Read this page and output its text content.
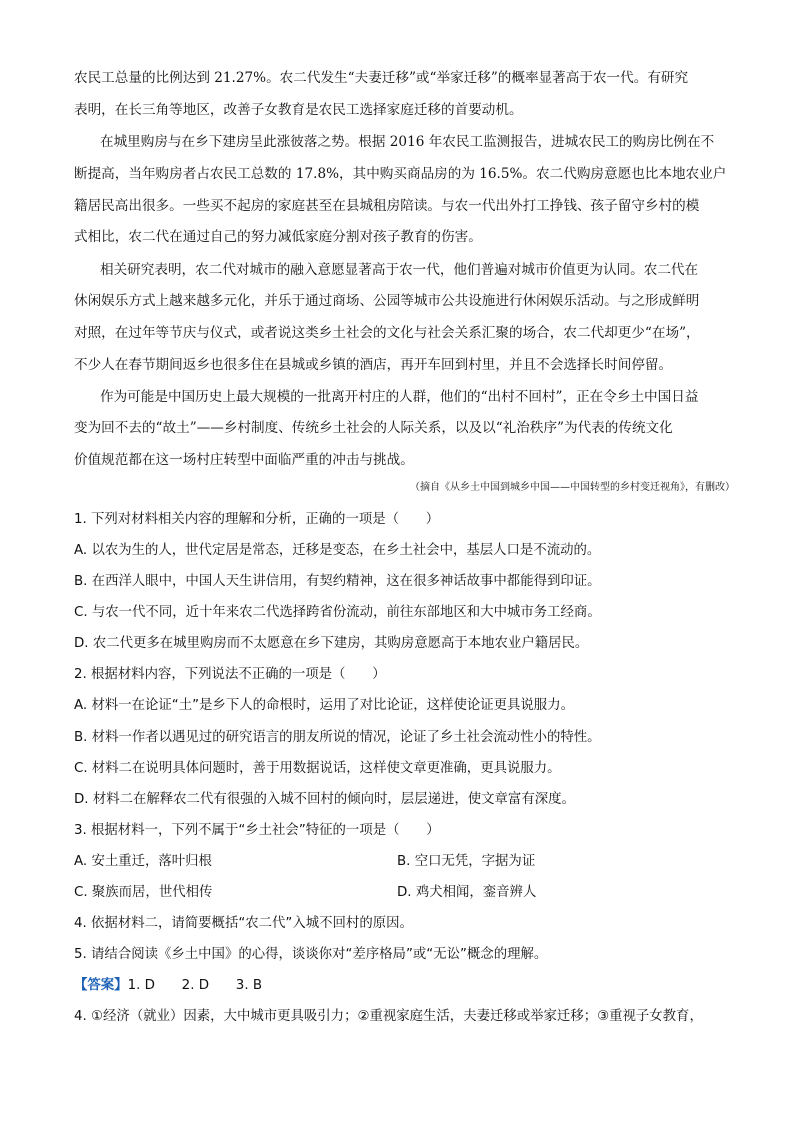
农民工总量的比例达到 21.27%。农二代发生“夫妻迁移”或“举家迁移”的概率显著高于农一代。有研究
表明，在长三角等地区，改善子女教育是农民工选择家庭迁移的首要动机。
在城里购房与在乡下建房呈此涨彼落之势。根据 2016 年农民工监测报告，进城农民工的购房比例在不
断提高，当年购房者占农民工总数的 17.8%，其中购买商品房的为 16.5%。农二代购房意愿也比本地农业户
籍居民高出很多。一些买不起房的家庭甚至在县城租房陪读。与农一代出外打工挣钱、孩子留守乡村的模
式相比，农二代在通过自己的努力减低家庭分割对孩子教育的伤害。
相关研究表明，农二代对城市的融入意愿显著高于农一代，他们普遍对城市价值更为认同。农二代在
休闲娱乐方式上越来越多元化，并乐于通过商场、公园等城市公共设施进行休闲娱乐活动。与之形成鲜明
对照，在过年等节庆与仪式，或者说这类乡土社会的文化与社会关系汇聚的场合，农二代却更少“在场”，
不少人在春节期间返乡也很多住在县城或乡镇的酒店，再开车回到村里，并且不会选择长时间停留。
作为可能是中国历史上最大规模的一批离开村庄的人群，他们的“出村不回村”，正在令乡土中国日益
变为回不去的“故土”——乡村制度、传统乡土社会的人际关系，以及以“礼治秩序”为代表的传统文化
价值规范都在这一场村庄转型中面临严重的冲击与挑战。
（摘自《从乡土中国到城乡中国——中国转型的乡村变迁视角》，有删改）
1. 下列对材料相关内容的理解和分析，正确的一项是（　　）
A. 以农为生的人，世代定居是常态，迁移是变态，在乡土社会中，基层人口是不流动的。
B. 在西洋人眼中，中国人天生讲信用，有契约精神，这在很多神话故事中都能得到印证。
C. 与农一代不同，近十年来农二代选择跨省份流动，前往东部地区和大中城市务工经商。
D. 农二代更多在城里购房而不太愿意在乡下建房，其购房意愿高于本地农业户籍居民。
2. 根据材料内容，下列说法不正确的一项是（　　）
A. 材料一在论证“土”是乡下人的命根时，运用了对比论证，这样使论证更具说服力。
B. 材料一作者以遇见过的研究语言的朋友所说的情况，论证了乡土社会流动性小的特性。
C. 材料二在说明具体问题时，善于用数据说话，这样使文章更准确，更具说服力。
D. 材料二在解释农二代有很强的入城不回村的倾向时，层层递进，使文章富有深度。
3. 根据材料一，下列不属于“乡土社会”特征的一项是（　　）
A. 安土重迁，落叶归根	B. 空口无凭，字据为证
C. 聚族而居，世代相传	D. 鸡犬相闻，銮音辨人
4. 依据材料二，请简要概括“农二代”入城不回村的原因。
5. 请结合阅读《乡土中国》的心得，谈谈你对“差序格局”或“无讼”概念的理解。
【答案】1. D　　2. D　　3. B
4. ①经济（就业）因素，大中城市更具吸引力；②重视家庭生活，夫妻迁移或举家迁移；③重视子女教育，
